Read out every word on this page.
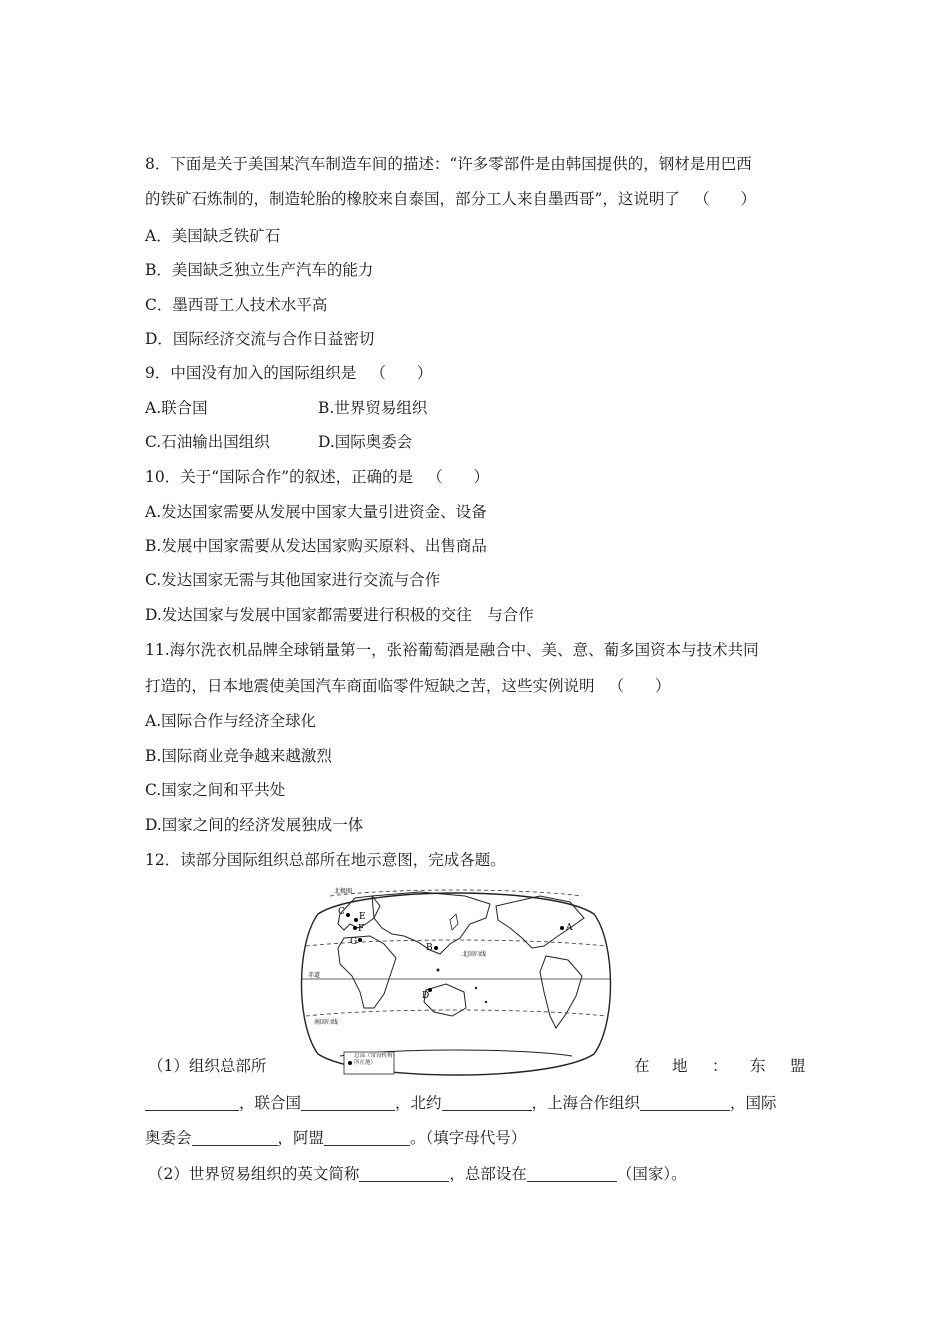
8．下面是关于美国某汽车制造车间的描述：“许多零部件是由韩国提供的，钢材是用巴西
的铁矿石炼制的，制造轮胎的橡胶来自泰国，部分工人来自墨西哥”，这说明了 （　　）
A．美国缺乏铁矿石
B．美国缺乏独立生产汽车的能力
C．墨西哥工人技术水平高
D．国际经济交流与合作日益密切
9．中国没有加入的国际组织是 （　　）
A.联合国	B.世界贸易组织
C.石油输出国组织	D.国际奥委会
10．关于“国际合作”的叙述，正确的是 （　　）
A.发达国家需要从发展中国家大量引进资金、设备
B.发展中国家需要从发达国家购买原料、出售商品
C.发达国家无需与其他国家进行交流与合作
D.发达国家与发展中国家都需要进行积极的交往　与合作
11.海尔洗衣机品牌全球销量第一，张裕葡萄酒是融合中、美、意、葡多国资本与技术共同
打造的，日本地震使美国汽车商面临零件短缺之苦，这些实例说明 （　　）
A.国际合作与经济全球化
B.国际商业竞争越来越激烈
C.国家之间和平共处
D.国家之间的经济发展独成一体
12．读部分国际组织总部所在地示意图，完成各题。
C E
F
G
B
D
A
北极圈
北回归线
赤道
南回归线
总部（常设机构所在地）
（1）组织总部所	在 地 ： 东 盟
，联合国	，北约	，上海合作组织	，国际
奥委会	，阿盟	。（填字母代号）
（2）世界贸易组织的英文简称	，总部设在	（国家）。
